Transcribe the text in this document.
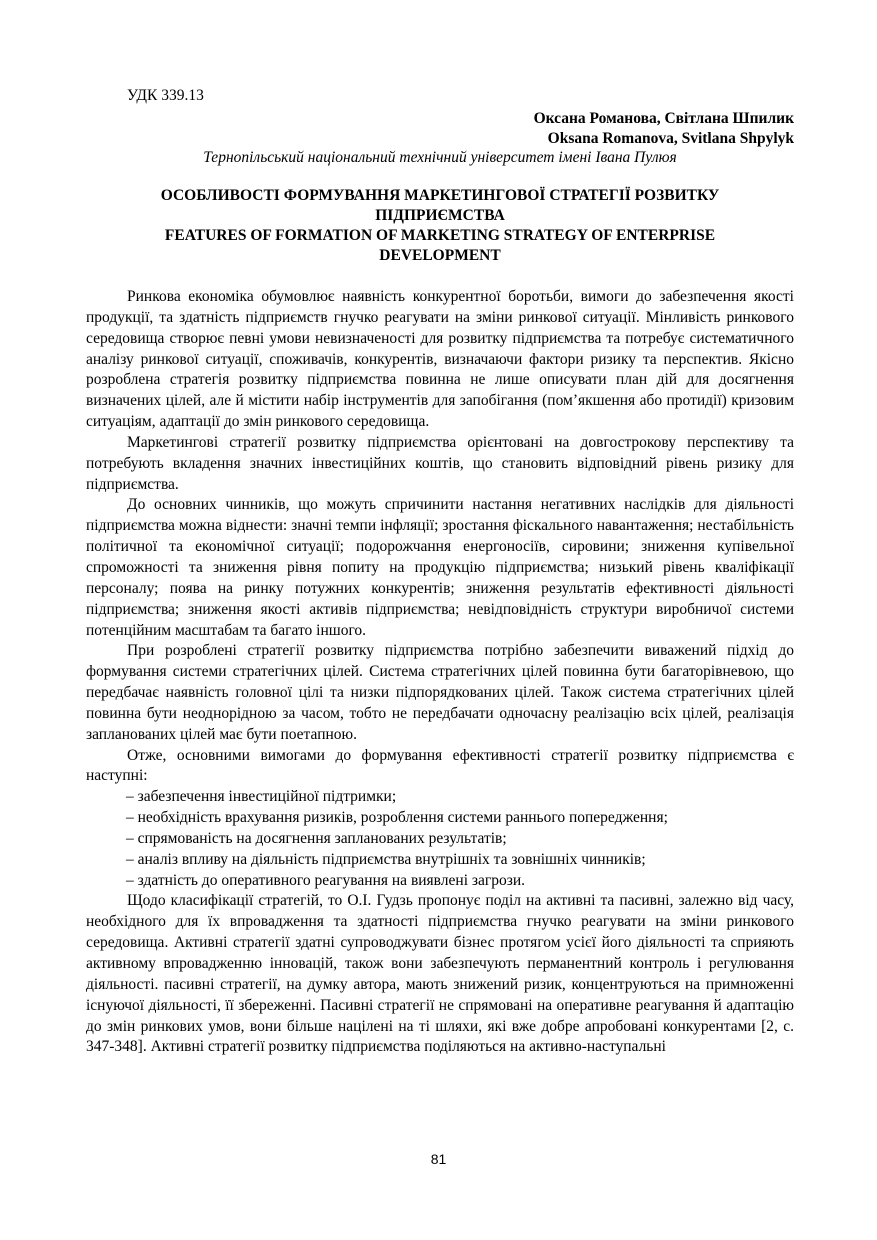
УДК 339.13
Оксана Романова, Світлана Шпилик
Oksana Romanova, Svitlana Shpylyk
Тернопільський національний технічний університет імені Івана Пулюя
ОСОБЛИВОСТІ ФОРМУВАННЯ МАРКЕТИНГОВОЇ СТРАТЕГІЇ РОЗВИТКУ
ПІДПРИЄМСТВА
FEATURES OF FORMATION OF MARKETING STRATEGY OF ENTERPRISE
DEVELOPMENT

Ринкова економіка обумовлює наявність конкурентної боротьби, вимоги до забезпечення якості продукції, та здатність підприємств гнучко реагувати на зміни ринкової ситуації. Мінливість ринкового середовища створює певні умови невизначеності для розвитку підприємства та потребує систематичного аналізу ринкової ситуації, споживачів, конкурентів, визначаючи фактори ризику та перспектив. Якісно розроблена стратегія розвитку підприємства повинна не лише описувати план дій для досягнення визначених цілей, але й містити набір інструментів для запобігання (пом’якшення або протидії) кризовим ситуаціям, адаптації до змін ринкового середовища.

Маркетингові стратегії розвитку підприємства орієнтовані на довгострокову перспективу та потребують вкладення значних інвестиційних коштів, що становить відповідний рівень ризику для підприємства.

До основних чинників, що можуть спричинити настання негативних наслідків для діяльності підприємства можна віднести: значні темпи інфляції; зростання фіскального навантаження; нестабільність політичної та економічної ситуації; подорожчання енергоносіїв, сировини; зниження купівельної спроможності та зниження рівня попиту на продукцію підприємства; низький рівень кваліфікації персоналу; поява на ринку потужних конкурентів; зниження результатів ефективності діяльності підприємства; зниження якості активів підприємства; невідповідність структури виробничої системи потенційним масштабам та багато іншого.

При розроблені стратегії розвитку підприємства потрібно забезпечити виважений підхід до формування системи стратегічних цілей. Система стратегічних цілей повинна бути багаторівневою, що передбачає наявність головної цілі та низки підпорядкованих цілей. Також система стратегічних цілей повинна бути неоднорідною за часом, тобто не передбачати одночасну реалізацію всіх цілей, реалізація запланованих цілей має бути поетапною.

Отже, основними вимогами до формування ефективності стратегії розвитку підприємства є наступні:

– забезпечення інвестиційної підтримки;
– необхідність врахування ризиків, розроблення системи раннього попередження;
– спрямованість на досягнення запланованих результатів;
– аналіз впливу на діяльність підприємства внутрішніх та зовнішніх чинників;
– здатність до оперативного реагування на виявлені загрози.

Щодо класифікації стратегій, то О.І. Гудзь пропонує поділ на активні та пасивні, залежно від часу, необхідного для їх впровадження та здатності підприємства гнучко реагувати на зміни ринкового середовища. Активні стратегії здатні супроводжувати бізнес протягом усієї його діяльності та сприяють активному впровадженню інновацій, також вони забезпечують перманентний контроль і регулювання діяльності. пасивні стратегії, на думку автора, мають знижений ризик, концентруються на примноженні існуючої діяльності, її збереженні. Пасивні стратегії не спрямовані на оперативне реагування й адаптацію до змін ринкових умов, вони більше націлені на ті шляхи, які вже добре апробовані конкурентами [2, с. 347-348]. Активні стратегії розвитку підприємства поділяються на активно-наступальні

81
